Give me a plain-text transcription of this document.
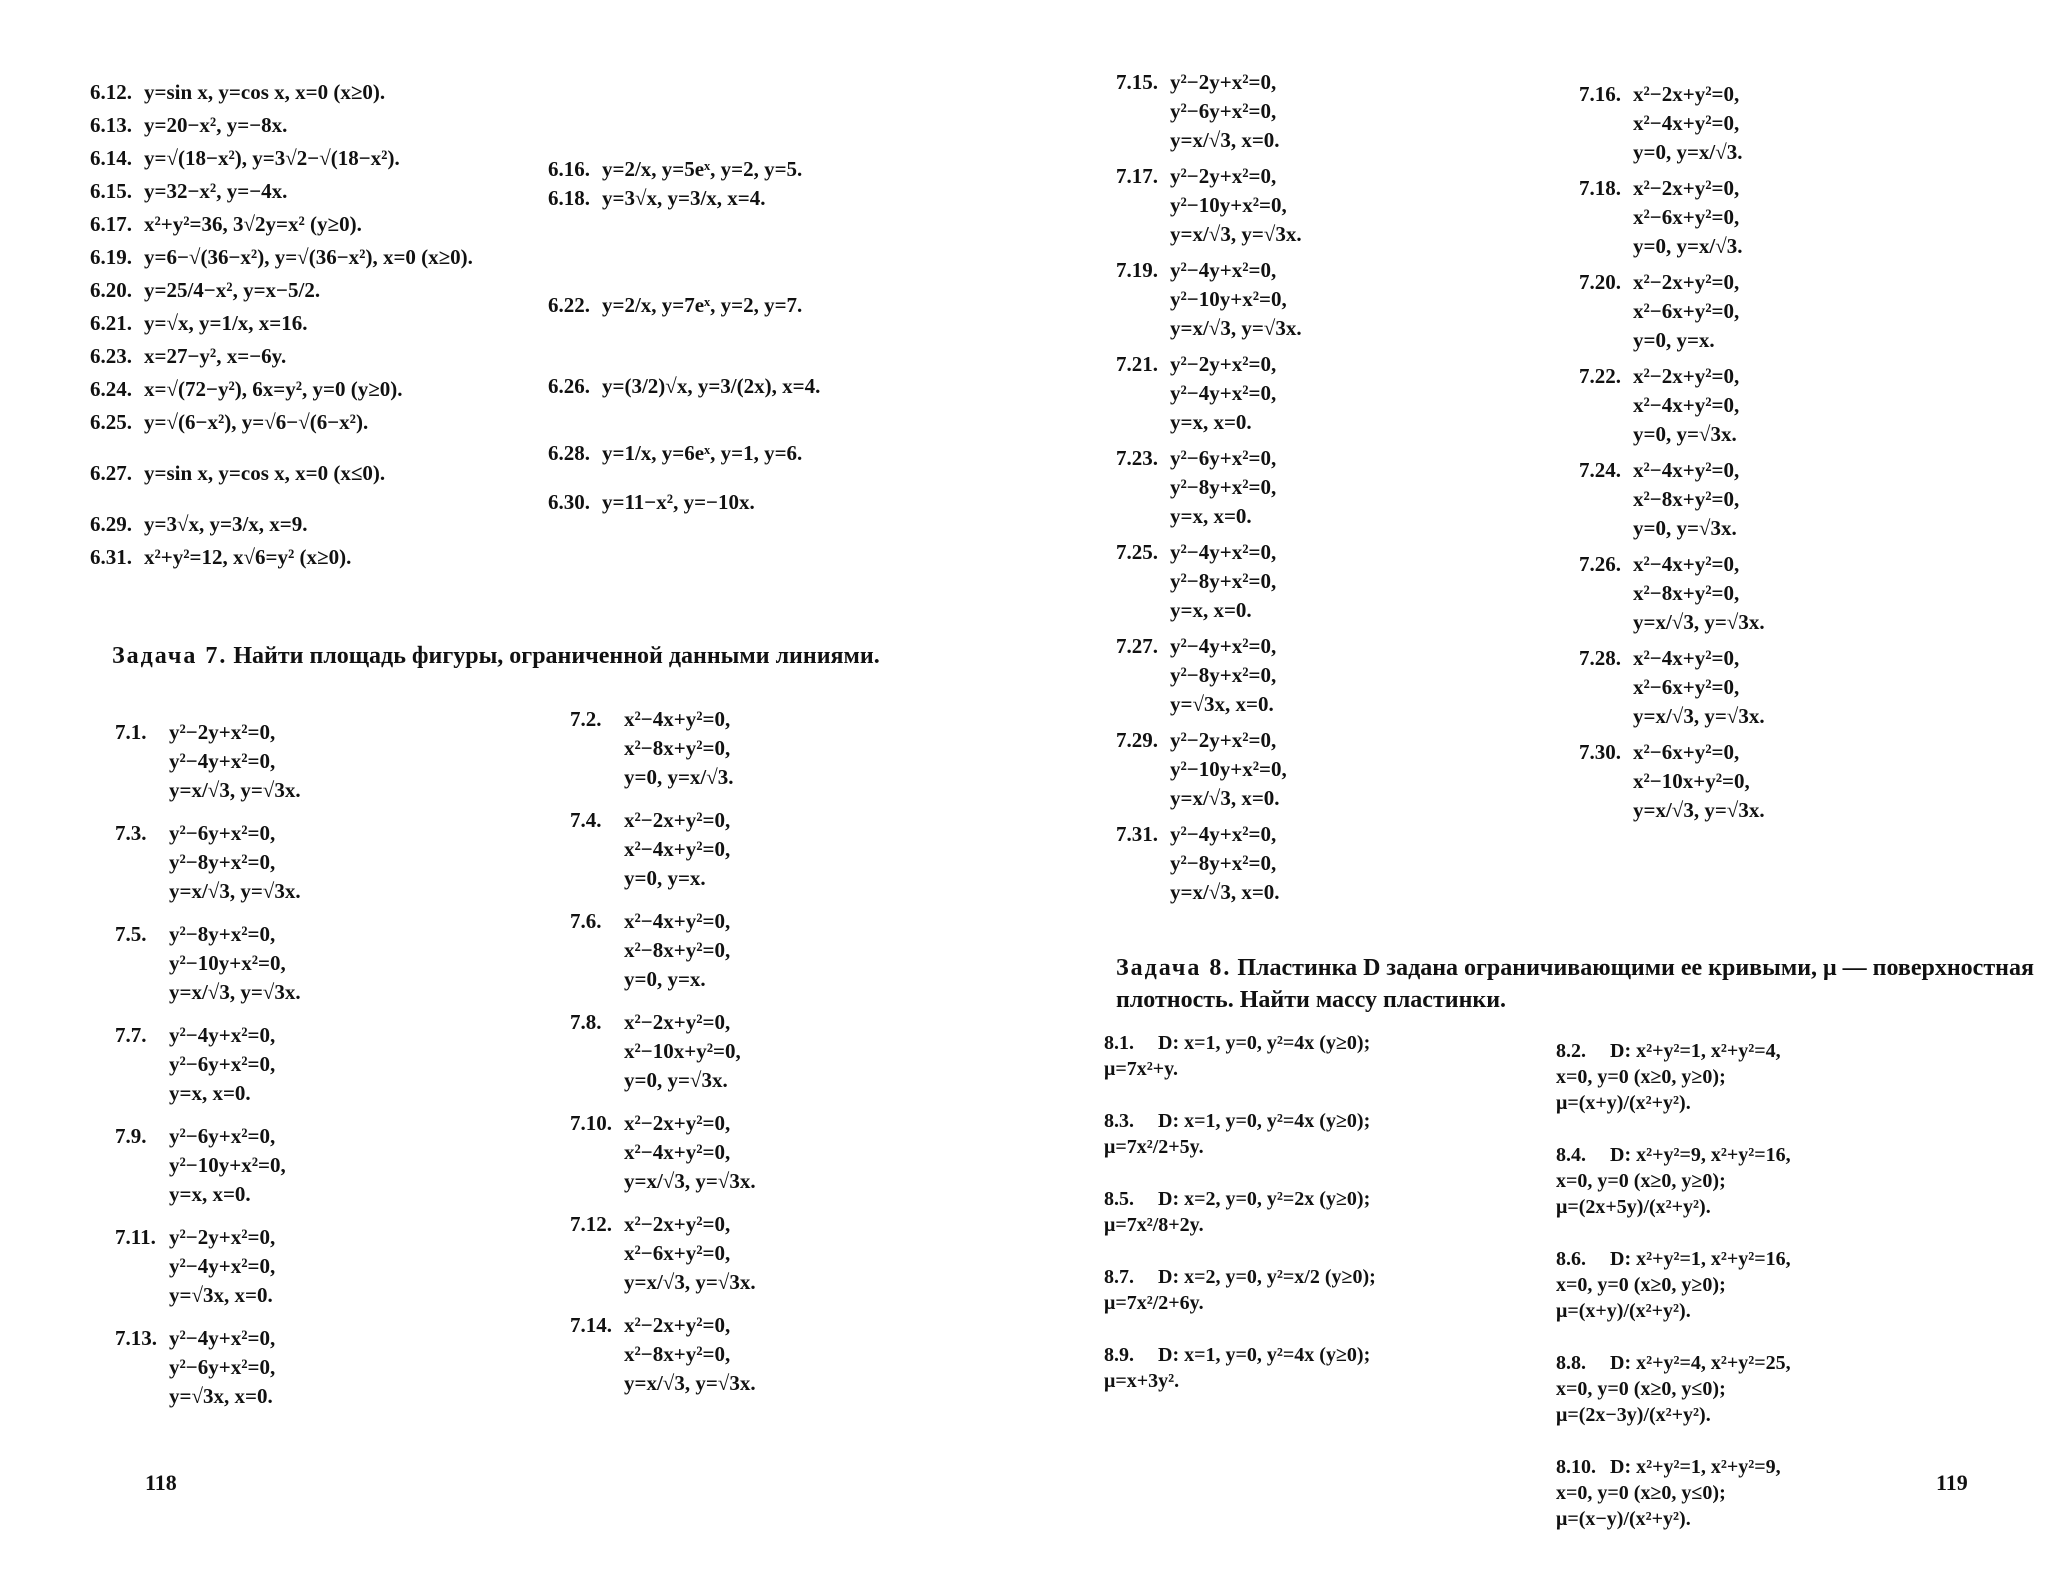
6.12. y=sin x, y=cos x, x=0 (x≥0).
6.13. y=20−x², y=−8x.
6.14. y=√(18−x²), y=3√2−√(18−x²).
6.15. y=32−x², y=−4x.
6.17. x²+y²=36, 3√2y=x² (y≥0).
6.19. y=6−√(36−x²), y=√(36−x²), x=0 (x≥0).
6.20. y=25/4−x², y=x−5/2.
6.21. y=√x, y=1/x, x=16.
6.23. x=27−y², x=−6y.
6.24. x=√(72−y²), 6x=y², y=0 (y≥0).
6.25. y=√(6−x²), y=√6−√(6−x²).
6.27. y=sin x, y=cos x, x=0 (x≤0).
6.29. y=3√x, y=3/x, x=9.
6.31. x²+y²=12, x√6=y² (x≥0).
6.16. y=2/x, y=5eˣ, y=2, y=5.
6.18. y=3√x, y=3/x, x=4.
6.22. y=2/x, y=7eˣ, y=2, y=7.
6.26. y=(3/2)√x, y=3/(2x), x=4.
6.28. y=1/x, y=6eˣ, y=1, y=6.
6.30. y=11−x², y=−10x.
Задача 7. Найти площадь фигуры, ограниченной данными линиями.
7.1. y²−2y+x²=0,
y²−4y+x²=0,
y=x/√3, y=√3x.
7.3. y²−6y+x²=0,
y²−8y+x²=0,
y=x/√3, y=√3x.
7.5. y²−8y+x²=0,
y²−10y+x²=0,
y=x/√3, y=√3x.
7.7. y²−4y+x²=0,
y²−6y+x²=0,
y=x, x=0.
7.9. y²−6y+x²=0,
y²−10y+x²=0,
y=x, x=0.
7.11. y²−2y+x²=0,
y²−4y+x²=0,
y=√3x, x=0.
7.13. y²−4y+x²=0,
y²−6y+x²=0,
y=√3x, x=0.
7.2. x²−4x+y²=0,
x²−8x+y²=0,
y=0, y=x/√3.
7.4. x²−2x+y²=0,
x²−4x+y²=0,
y=0, y=x.
7.6. x²−4x+y²=0,
x²−8x+y²=0,
y=0, y=x.
7.8. x²−2x+y²=0,
x²−10x+y²=0,
y=0, y=√3x.
7.10. x²−2x+y²=0,
x²−4x+y²=0,
y=x/√3, y=√3x.
7.12. x²−2x+y²=0,
x²−6x+y²=0,
y=x/√3, y=√3x.
7.14. x²−2x+y²=0,
x²−8x+y²=0,
y=x/√3, y=√3x.
118
7.15. y²−2y+x²=0,
y²−6y+x²=0,
y=x/√3, x=0.
7.17. y²−2y+x²=0,
y²−10y+x²=0,
y=x/√3, y=√3x.
7.19. y²−4y+x²=0,
y²−10y+x²=0,
y=x/√3, y=√3x.
7.21. y²−2y+x²=0,
y²−4y+x²=0,
y=x, x=0.
7.23. y²−6y+x²=0,
y²−8y+x²=0,
y=x, x=0.
7.25. y²−4y+x²=0,
y²−8y+x²=0,
y=x, x=0.
7.27. y²−4y+x²=0,
y²−8y+x²=0,
y=√3x, x=0.
7.29. y²−2y+x²=0,
y²−10y+x²=0,
y=x/√3, x=0.
7.31. y²−4y+x²=0,
y²−8y+x²=0,
y=x/√3, x=0.
7.16. x²−2x+y²=0,
x²−4x+y²=0,
y=0, y=x/√3.
7.18. x²−2x+y²=0,
x²−6x+y²=0,
y=0, y=x/√3.
7.20. x²−2x+y²=0,
x²−6x+y²=0,
y=0, y=x.
7.22. x²−2x+y²=0,
x²−4x+y²=0,
y=0, y=√3x.
7.24. x²−4x+y²=0,
x²−8x+y²=0,
y=0, y=√3x.
7.26. x²−4x+y²=0,
x²−8x+y²=0,
y=x/√3, y=√3x.
7.28. x²−4x+y²=0,
x²−6x+y²=0,
y=x/√3, y=√3x.
7.30. x²−6x+y²=0,
x²−10x+y²=0,
y=x/√3, y=√3x.
Задача 8. Пластинка D задана ограничивающими ее кривыми, μ — поверхностная плотность. Найти массу пластинки.
8.1. D: x=1, y=0, y²=4x (y≥0);
μ=7x²+y.
8.3. D: x=1, y=0, y²=4x (y≥0);
μ=7x²/2+5y.
8.5. D: x=2, y=0, y²=2x (y≥0);
μ=7x²/8+2y.
8.7. D: x=2, y=0, y²=x/2 (y≥0);
μ=7x²/2+6y.
8.9. D: x=1, y=0, y²=4x (y≥0);
μ=x+3y².
8.2. D: x²+y²=1, x²+y²=4,
x=0, y=0 (x≥0, y≥0);
μ=(x+y)/(x²+y²).
8.4. D: x²+y²=9, x²+y²=16,
x=0, y=0 (x≥0, y≥0);
μ=(2x+5y)/(x²+y²).
8.6. D: x²+y²=1, x²+y²=16,
x=0, y=0 (x≥0, y≥0);
μ=(x+y)/(x²+y²).
8.8. D: x²+y²=4, x²+y²=25,
x=0, y=0 (x≥0, y≤0);
μ=(2x−3y)/(x²+y²).
8.10. D: x²+y²=1, x²+y²=9,
x=0, y=0 (x≥0, y≤0);
μ=(x−y)/(x²+y²).
119
